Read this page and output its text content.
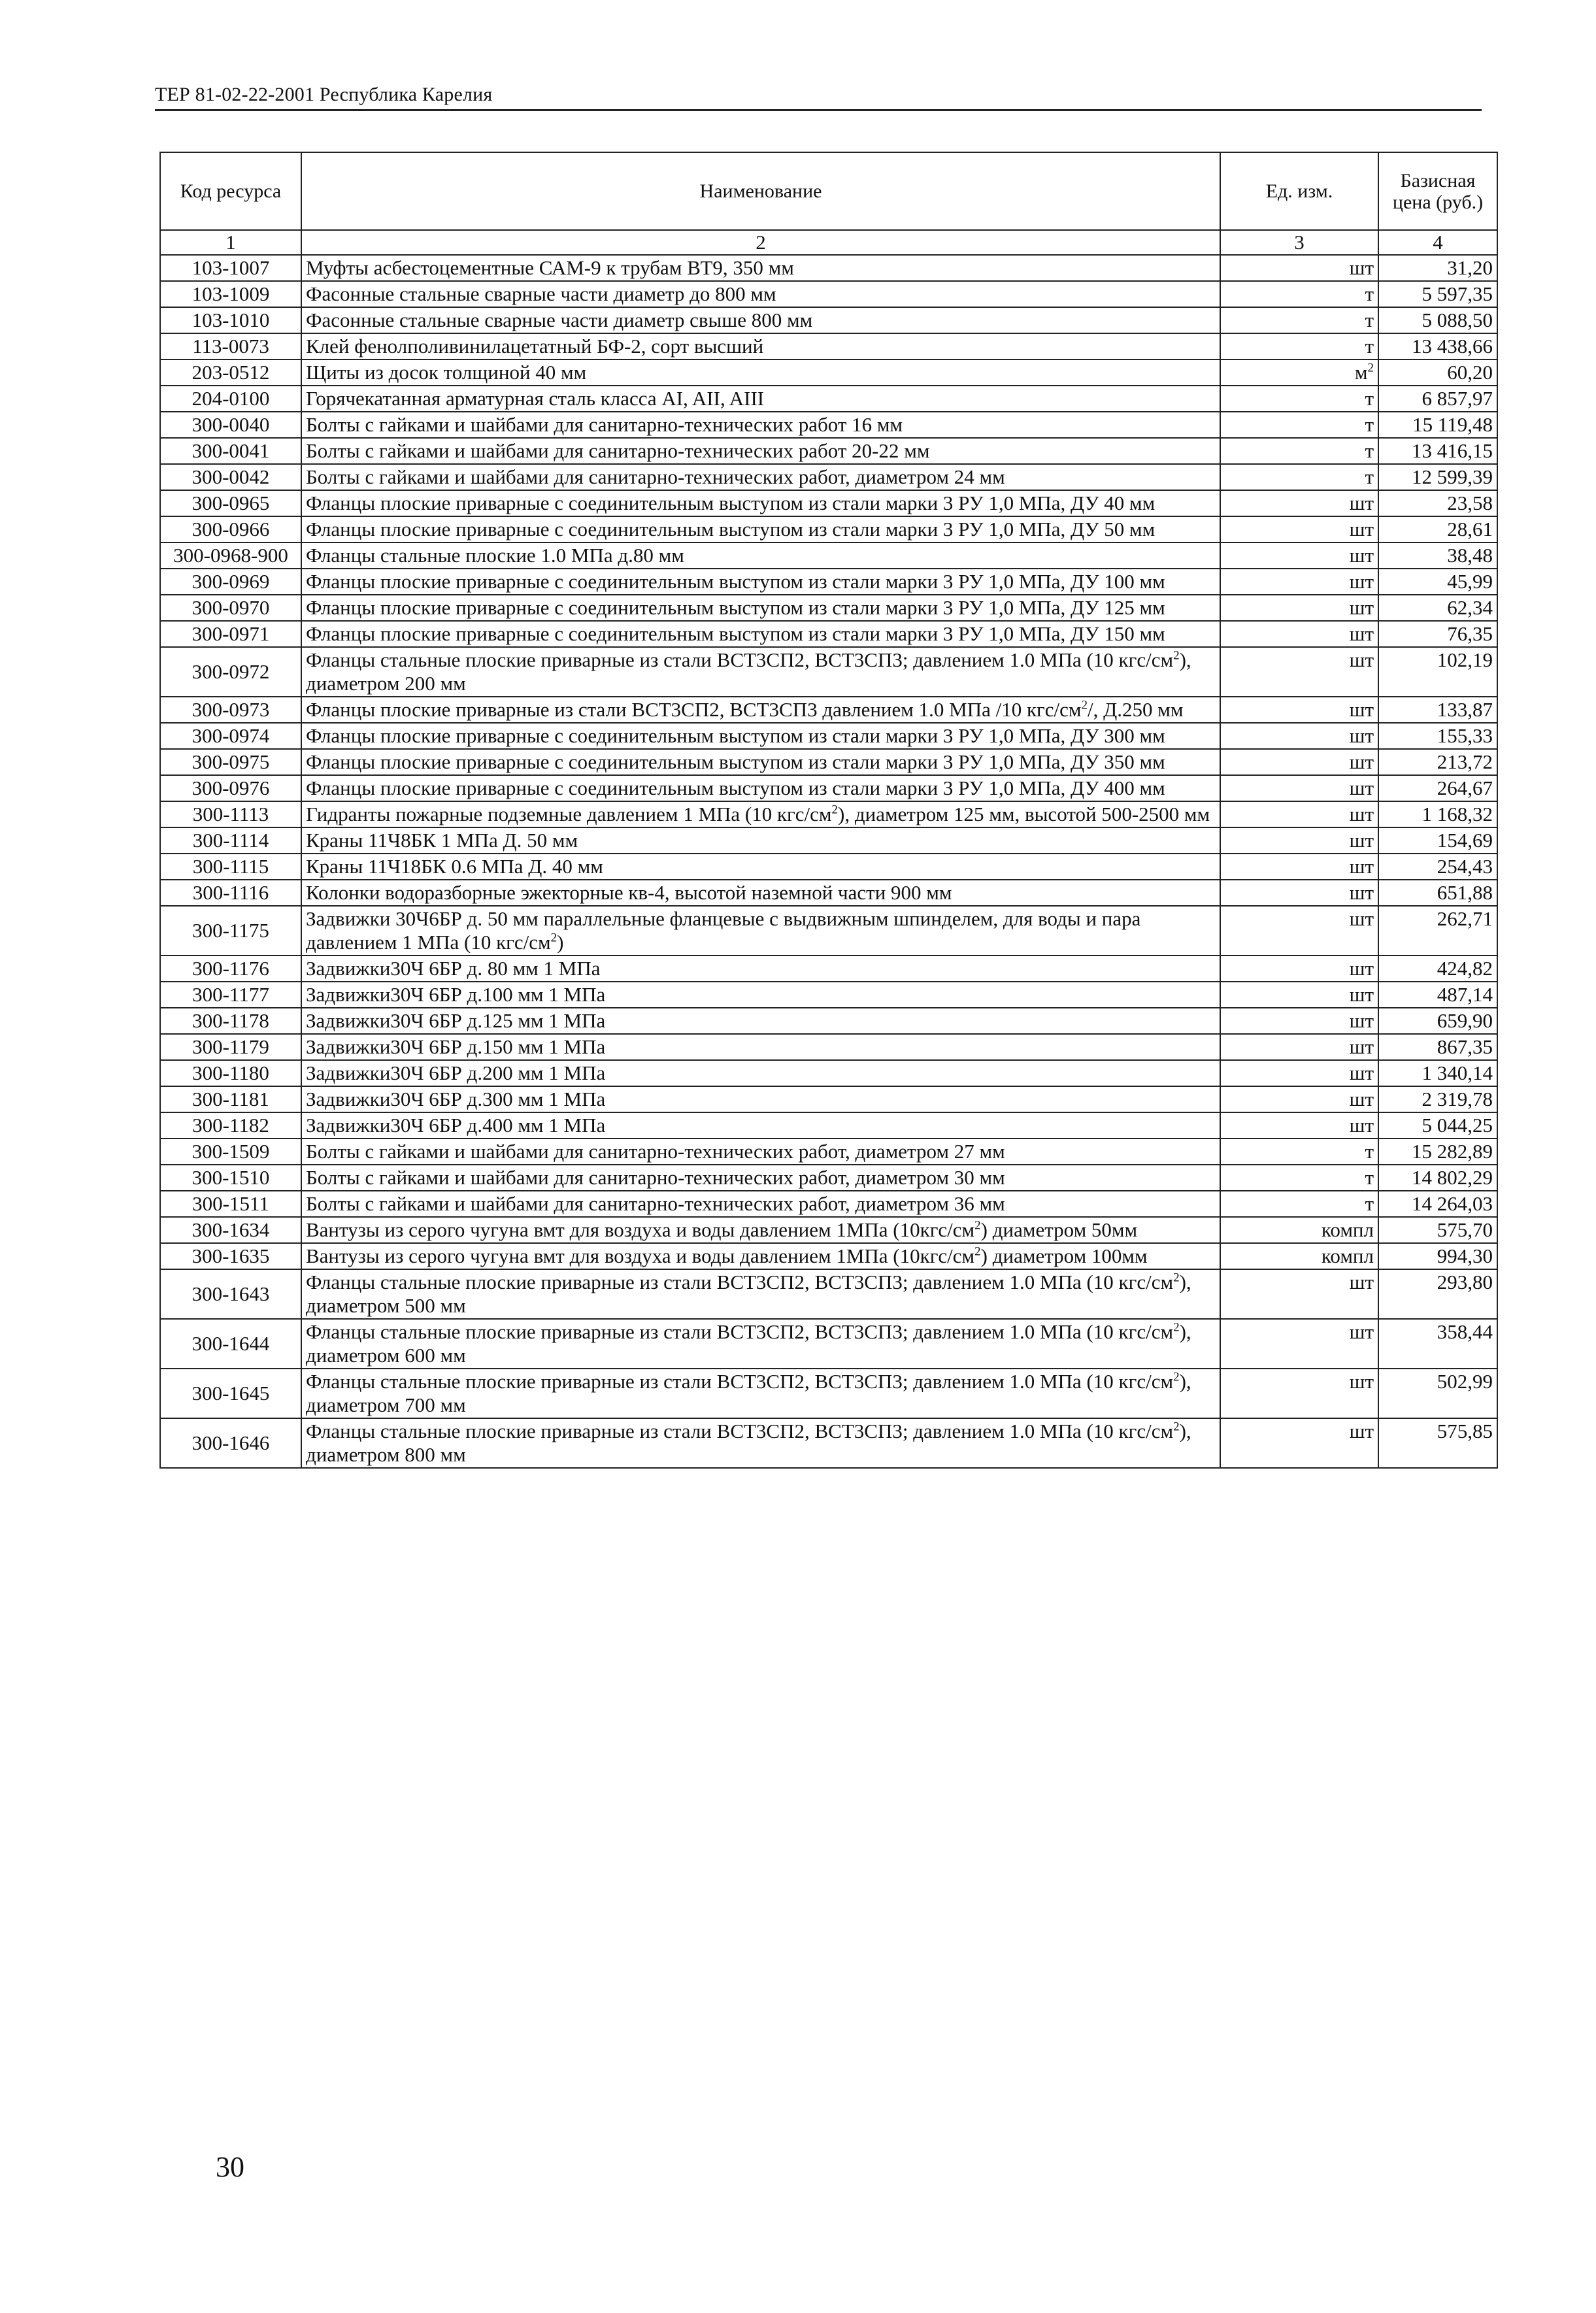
ТЕР 81-02-22-2001 Республика Карелия
Код ресурса	Наименование	Ед. изм.	Базисная цена (руб.)
1	2	3	4
103-1007	Муфты асбестоцементные САМ-9 к трубам ВТ9, 350 мм	шт	31,20
103-1009	Фасонные стальные сварные части диаметр до 800 мм	т	5 597,35
103-1010	Фасонные стальные сварные части диаметр свыше 800 мм	т	5 088,50
113-0073	Клей фенолполивинилацетатный БФ-2, сорт высший	т	13 438,66
203-0512	Щиты из досок толщиной 40 мм	$м^2$	60,20
204-0100	Горячекатанная арматурная сталь класса AI, AII, AIII	т	6 857,97
300-0040	Болты с гайками и шайбами для санитарно-технических работ 16 мм	т	15 119,48
300-0041	Болты с гайками и шайбами для санитарно-технических работ 20-22 мм	т	13 416,15
300-0042	Болты с гайками и шайбами для санитарно-технических работ, диаметром 24 мм	т	12 599,39
300-0965	Фланцы плоские приварные с соединительным выступом из стали марки 3 РУ 1,0 МПа, ДУ 40 мм	шт	23,58
300-0966	Фланцы плоские приварные с соединительным выступом из стали марки 3 РУ 1,0 МПа, ДУ 50 мм	шт	28,61
300-0968-900	Фланцы стальные плоские 1.0 МПа д.80 мм	шт	38,48
300-0969	Фланцы плоские приварные с соединительным выступом из стали марки 3 РУ 1,0 МПа, ДУ 100 мм	шт	45,99
300-0970	Фланцы плоские приварные с соединительным выступом из стали марки 3 РУ 1,0 МПа, ДУ 125 мм	шт	62,34
300-0971	Фланцы плоские приварные с соединительным выступом из стали марки 3 РУ 1,0 МПа, ДУ 150 мм	шт	76,35
300-0972	Фланцы стальные плоские приварные из стали ВСТ3СП2, ВСТ3СП3; давлением 1.0 МПа (10 кгс/$см^2$), диаметром 200 мм	шт	102,19
300-0973	Фланцы плоские приварные из стали ВСТ3СП2, ВСТ3СП3 давлением 1.0 МПа /10 кгс/$см^2/$, Д.250 мм	шт	133,87
300-0974	Фланцы плоские приварные с соединительным выступом из стали марки 3 РУ 1,0 МПа, ДУ 300 мм	шт	155,33
300-0975	Фланцы плоские приварные с соединительным выступом из стали марки 3 РУ 1,0 МПа, ДУ 350 мм	шт	213,72
300-0976	Фланцы плоские приварные с соединительным выступом из стали марки 3 РУ 1,0 МПа, ДУ 400 мм	шт	264,67
300-1113	Гидранты пожарные подземные давлением 1 МПа (10 кгс/$см^2$), диаметром 125 мм, высотой 500-2500 мм	шт	1 168,32
300-1114	Краны 11Ч8БК 1 МПа Д. 50 мм	шт	154,69
300-1115	Краны 11Ч18БК 0.6 МПа Д. 40 мм	шт	254,43
300-1116	Колонки водоразборные эжекторные кв-4, высотой наземной части 900 мм	шт	651,88
300-1175	Задвижки 30Ч6БР д. 50 мм параллельные фланцевые с выдвижным шпинделем, для воды и пара давлением 1 МПа (10 кгс/$см^2$)	шт	262,71
300-1176	Задвижки30Ч 6БР д. 80 мм 1 МПа	шт	424,82
300-1177	Задвижки30Ч 6БР д.100 мм 1 МПа	шт	487,14
300-1178	Задвижки30Ч 6БР д.125 мм 1 МПа	шт	659,90
300-1179	Задвижки30Ч 6БР д.150 мм 1 МПа	шт	867,35
300-1180	Задвижки30Ч 6БР д.200 мм 1 МПа	шт	1 340,14
300-1181	Задвижки30Ч 6БР д.300 мм 1 МПа	шт	2 319,78
300-1182	Задвижки30Ч 6БР д.400 мм 1 МПа	шт	5 044,25
300-1509	Болты с гайками и шайбами для санитарно-технических работ, диаметром 27 мм	т	15 282,89
300-1510	Болты с гайками и шайбами для санитарно-технических работ, диаметром 30 мм	т	14 802,29
300-1511	Болты с гайками и шайбами для санитарно-технических работ, диаметром 36 мм	т	14 264,03
300-1634	Вантузы из серого чугуна вмт для воздуха и воды давлением 1МПа $(10кгс/см^2)$ диаметром 50мм	компл	575,70
300-1635	Вантузы из серого чугуна вмт для воздуха и воды давлением 1МПа $(10кгс/см^2)$ диаметром 100мм	компл	994,30
300-1643	Фланцы стальные плоские приварные из стали ВСТ3СП2, ВСТ3СП3; давлением 1.0 МПа (10 кгс/$см^2$), диаметром 500 мм	шт	293,80
300-1644	Фланцы стальные плоские приварные из стали ВСТ3СП2, ВСТ3СП3; давлением 1.0 МПа (10 кгс/$см^2$), диаметром 600 мм	шт	358,44
300-1645	Фланцы стальные плоские приварные из стали ВСТ3СП2, ВСТ3СП3; давлением 1.0 МПа (10 кгс/$см^2$), диаметром 700 мм	шт	502,99
300-1646	Фланцы стальные плоские приварные из стали ВСТ3СП2, ВСТ3СП3; давлением 1.0 МПа (10 кгс/$см^2$), диаметром 800 мм	шт	575,85
30
